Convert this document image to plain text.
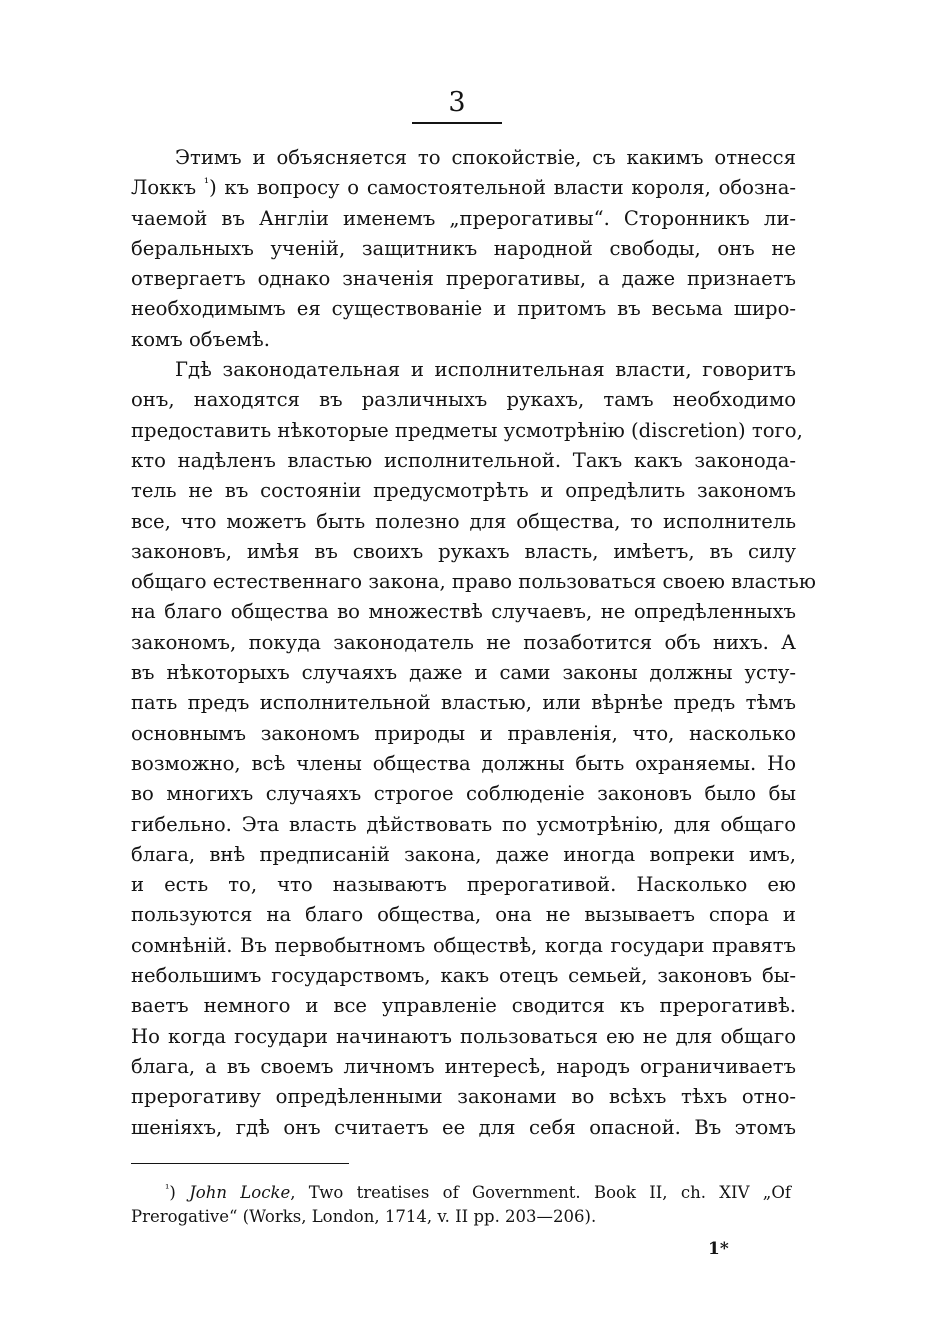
3
Этимъ и объясняется то спокойствіе, съ какимъ отнесся
Локкъ $^{^1}$) къ вопросу о самостоятельной власти короля, обозна-
чаемой въ Англіи именемъ „прерогативы“. Сторонникъ ли-
беральныхъ ученій, защитникъ народной свободы, онъ не
отвергаетъ однако значенія прерогативы, а даже признаетъ
необходимымъ ея существованіе и притомъ въ весьма широ-
комъ объемѣ.
Гдѣ законодательная и исполнительная власти, говоритъ
онъ, находятся въ различныхъ рукахъ, тамъ необходимо
предоставить нѣкоторые предметы усмотрѣнію (discretion) того,
кто надѣленъ властью исполнительной. Такъ какъ законода-
тель не въ состояніи предусмотрѣть и опредѣлить закономъ
все, что можетъ быть полезно для общества, то исполнитель
законовъ, имѣя въ своихъ рукахъ власть, имѣетъ, въ силу
общаго естественнаго закона, право пользоваться своею властью
на благо общества во множествѣ случаевъ, не опредѣленныхъ
закономъ, покуда законодатель не позаботится объ нихъ. А
въ нѣкоторыхъ случаяхъ даже и сами законы должны усту-
пать предъ исполнительной властью, или вѣрнѣе предъ тѣмъ
основнымъ закономъ природы и правленія, что, насколько
возможно, всѣ члены общества должны быть охраняемы. Но
во многихъ случаяхъ строгое соблюденіе законовъ было бы
гибельно. Эта власть дѣйствовать по усмотрѣнію, для общаго
блага, внѣ предписаній закона, даже иногда вопреки имъ,
и есть то, что называютъ прерогативой. Насколько ею
пользуются на благо общества, она не вызываетъ спора и
сомнѣній. Въ первобытномъ обществѣ, когда государи правятъ
небольшимъ государствомъ, какъ отецъ семьей, законовъ бы-
ваетъ немного и все управленіе сводится къ прерогативѣ.
Но когда государи начинаютъ пользоваться ею не для общаго
блага, а въ своемъ личномъ интересѣ, народъ ограничиваетъ
прерогативу опредѣленными законами во всѣхъ тѣхъ отно-
шеніяхъ, гдѣ онъ считаетъ ее для себя опасной. Въ этомъ
$^{^1}$) John Locke, Two treatises of Government. Book II, ch. XIV „Of
Prerogative“ (Works, London, 1714, v. II pp. 203—206).
1*
